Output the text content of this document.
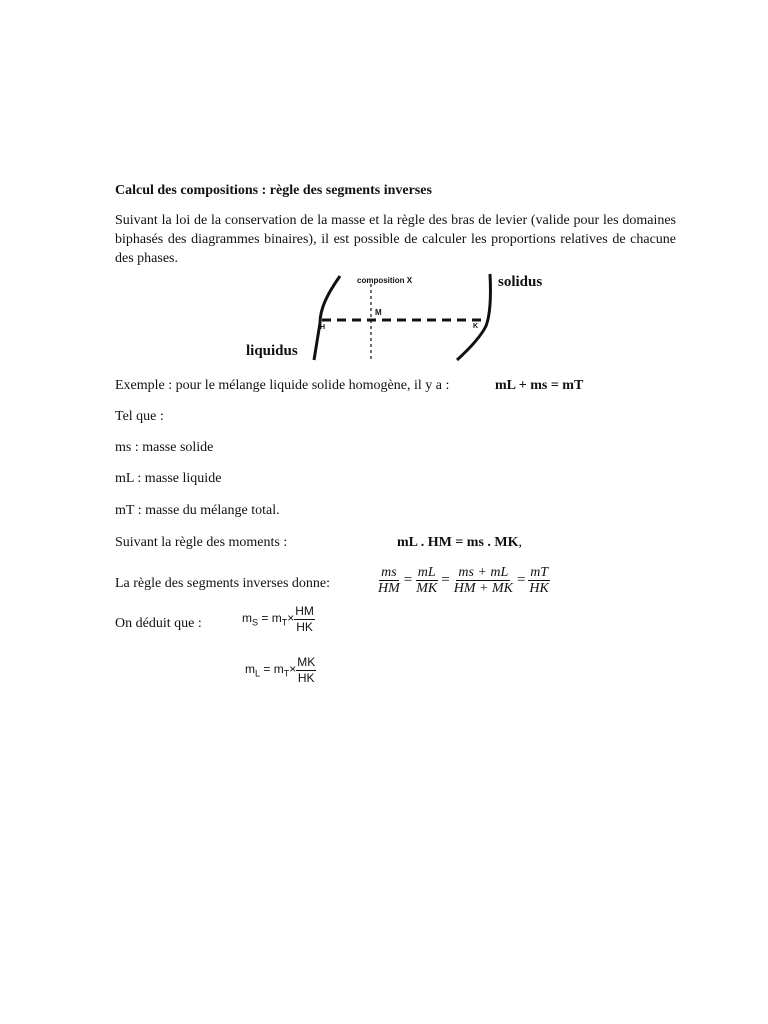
Calcul des compositions : règle des segments inverses
Suivant la loi de la conservation de la masse et la règle des bras de levier (valide pour les domaines biphasés des diagrammes binaires), il est possible de calculer les proportions relatives de chacune des phases.
composition X	solidus
liquidus
M
H	K
Exemple : pour le mélange liquide solide homogène, il y a :	mL + ms = mT
Tel que :
ms : masse solide
mL : masse liquide
mT : masse du mélange total.
Suivant la règle des moments :	mL . HM = ms . MK,
La règle des segments inverses donne:	$\frac{ms}{HM} = \frac{mL}{MK} = \frac{ms + mL}{HM + MK} = \frac{mT}{HK}$
On déduit que :	$m_S = m_T\times \frac{HM}{HK}$
$m_L = m_T\times \frac{MK}{HK}$
